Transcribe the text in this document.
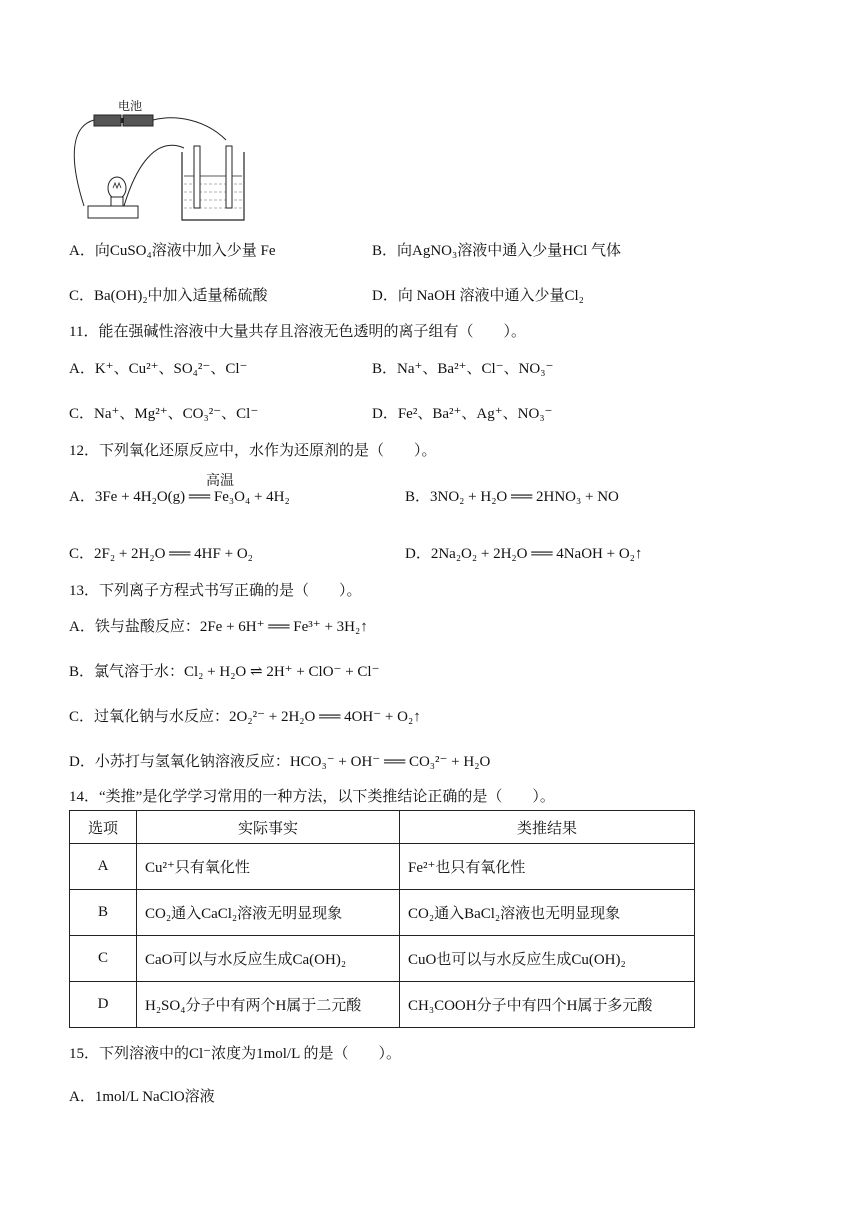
电池
A．向CuSO₄溶液中加入少量 Fe	B．向AgNO₃溶液中通入少量HCl 气体
C．Ba(OH)₂中加入适量稀硫酸	D．向 NaOH 溶液中通入少量Cl₂
11．能在强碱性溶液中大量共存且溶液无色透明的离子组有（　　）。
A．K⁺、Cu²⁺、SO₄²⁻、Cl⁻	B．Na⁺、Ba²⁺、Cl⁻、NO₃⁻
C．Na⁺、Mg²⁺、CO₃²⁻、Cl⁻	D．Fe²、Ba²⁺、Ag⁺、NO₃⁻
12．下列氧化还原反应中，水作为还原剂的是（　　）。
高温
A．3Fe + 4H₂O(g) ══ Fe₃O₄ + 4H₂	B．3NO₂ + H₂O ══ 2HNO₃ + NO
C．2F₂ + 2H₂O ══ 4HF + O₂	D．2Na₂O₂ + 2H₂O ══ 4NaOH + O₂↑
13．下列离子方程式书写正确的是（　　）。
A．铁与盐酸反应：2Fe + 6H⁺ ══ Fe³⁺ + 3H₂↑
B．氯气溶于水：Cl₂ + H₂O ⇌ 2H⁺ + ClO⁻ + Cl⁻
C．过氧化钠与水反应：2O₂²⁻ + 2H₂O ══ 4OH⁻ + O₂↑
D．小苏打与氢氧化钠溶液反应：HCO₃⁻ + OH⁻ ══ CO₃²⁻ + H₂O
14．“类推”是化学学习常用的一种方法，以下类推结论正确的是（　　）。
选项	实际事实	类推结果
A	Cu²⁺只有氧化性	Fe²⁺也只有氧化性
B	CO₂通入CaCl₂溶液无明显现象	CO₂通入BaCl₂溶液也无明显现象
C	CaO可以与水反应生成Ca(OH)₂	CuO也可以与水反应生成Cu(OH)₂
D	H₂SO₄分子中有两个H属于二元酸	CH₃COOH分子中有四个H属于多元酸
15．下列溶液中的Cl⁻浓度为1mol/L 的是（　　）。
A．1mol/L NaClO溶液
